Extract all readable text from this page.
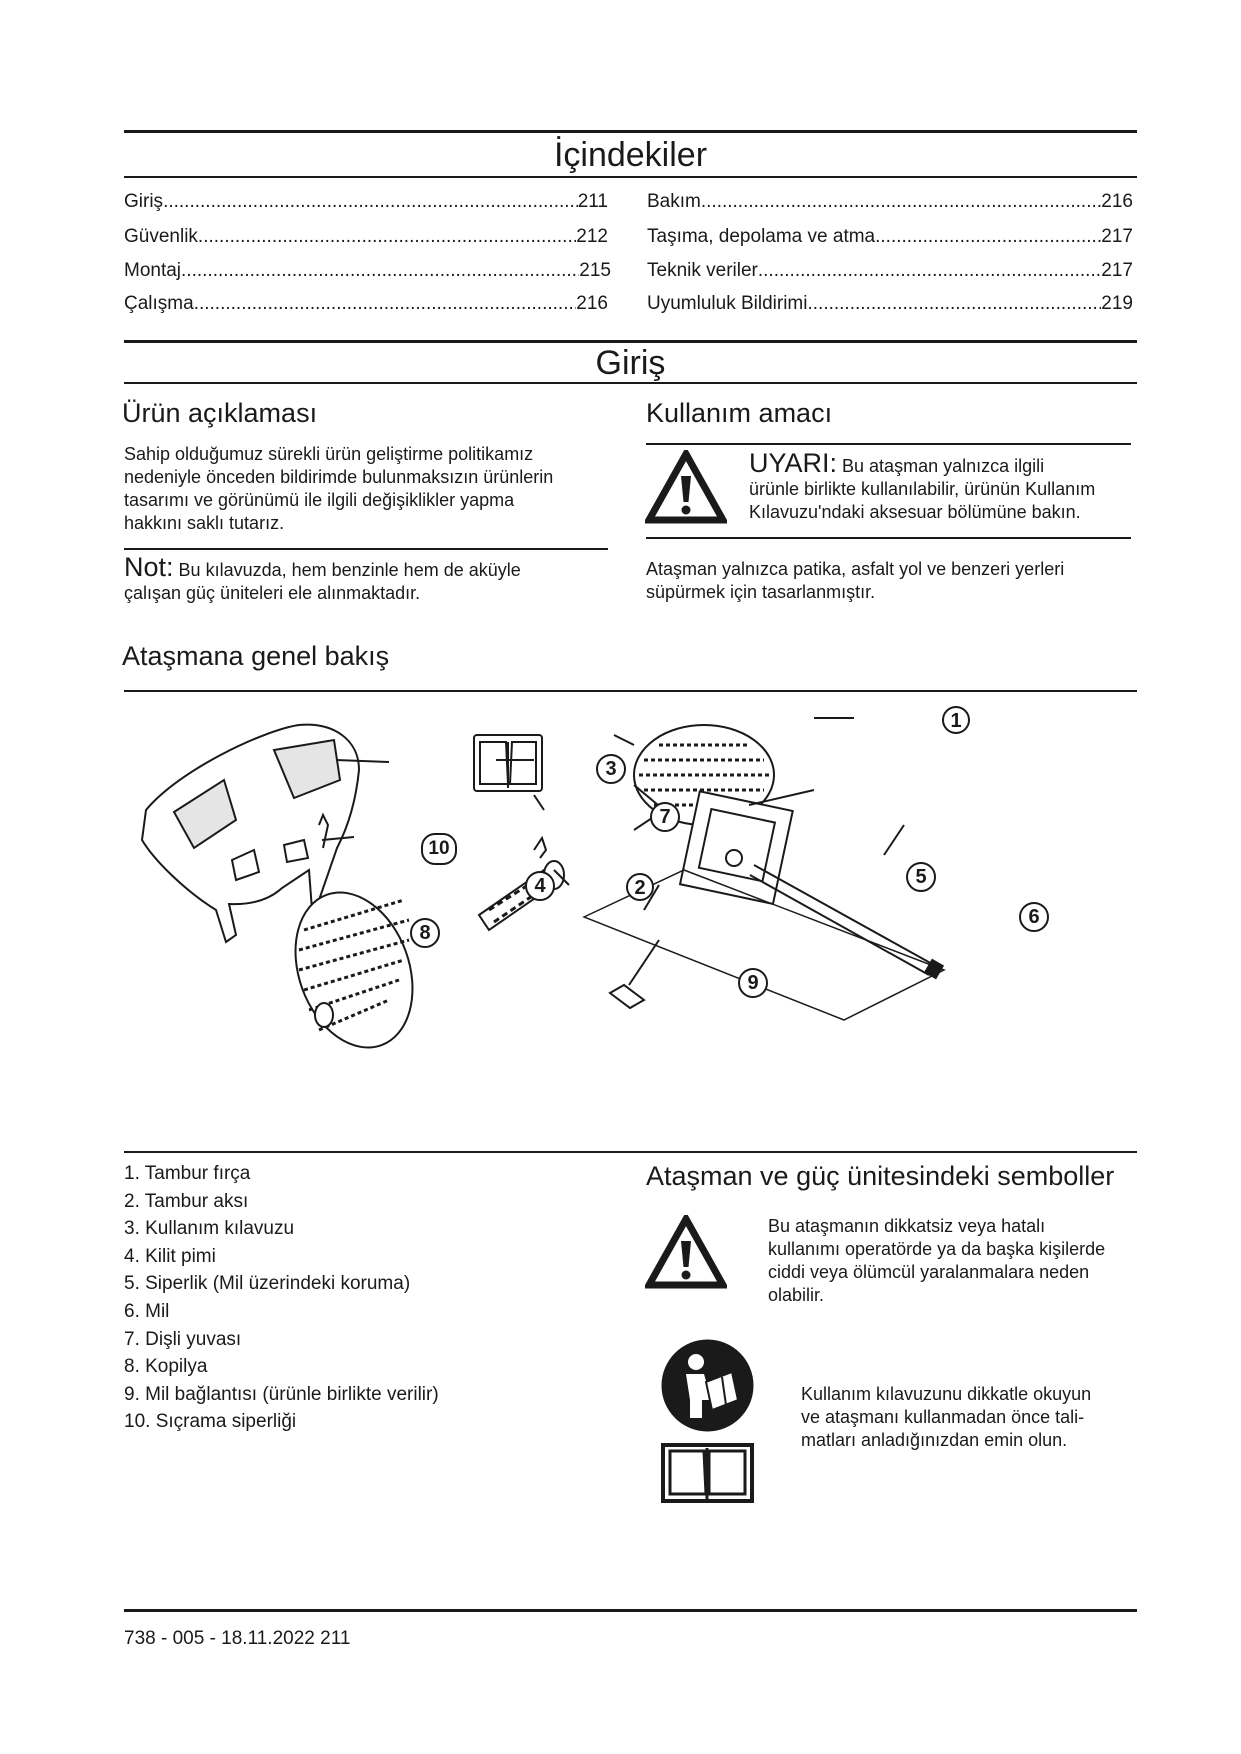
İçindekiler
Giriş .....	211
Güvenlik .....	212
Montaj .....	215
Çalışma .....	216
Bakım .....	216
Taşıma, depolama ve atma .....	217
Teknik veriler .....	217
Uyumluluk Bildirimi .....	219
Giriş
Ürün açıklaması
Sahip olduğumuz sürekli ürün geliştirme politikamız
nedeniyle önceden bildirimde bulunmaksızın ürünlerin
tasarımı ve görünümü ile ilgili değişiklikler yapma
hakkını saklı tutarız.
Not: Bu kılavuzda, hem benzinle hem de aküyle
çalışan güç üniteleri ele alınmaktadır.
Kullanım amacı
UYARI: Bu ataşman yalnızca ilgili
ürünle birlikte kullanılabilir, ürünün Kullanım
Kılavuzu'ndaki aksesuar bölümüne bakın.
Ataşman yalnızca patika, asfalt yol ve benzeri yerleri
süpürmek için tasarlanmıştır.
Ataşmana genel bakış
1
2
3
7
10
4	5
6
8
9
1. Tambur fırça
2. Tambur aksı
3. Kullanım kılavuzu
4. Kilit pimi
5. Siperlik (Mil üzerindeki koruma)
6. Mil
7. Dişli yuvası
8. Kopilya
9. Mil bağlantısı (ürünle birlikte verilir)
10. Sıçrama siperliği
Ataşman ve güç ünitesindeki semboller
Bu ataşmanın dikkatsiz veya hatalı
kullanımı operatörde ya da başka kişilerde
ciddi veya ölümcül yaralanmalara neden
olabilir.
Kullanım kılavuzunu dikkatle okuyun
ve ataşmanı kullanmadan önce tali-
matları anladığınızdan emin olun.
738 - 005 - 18.11.2022 211
